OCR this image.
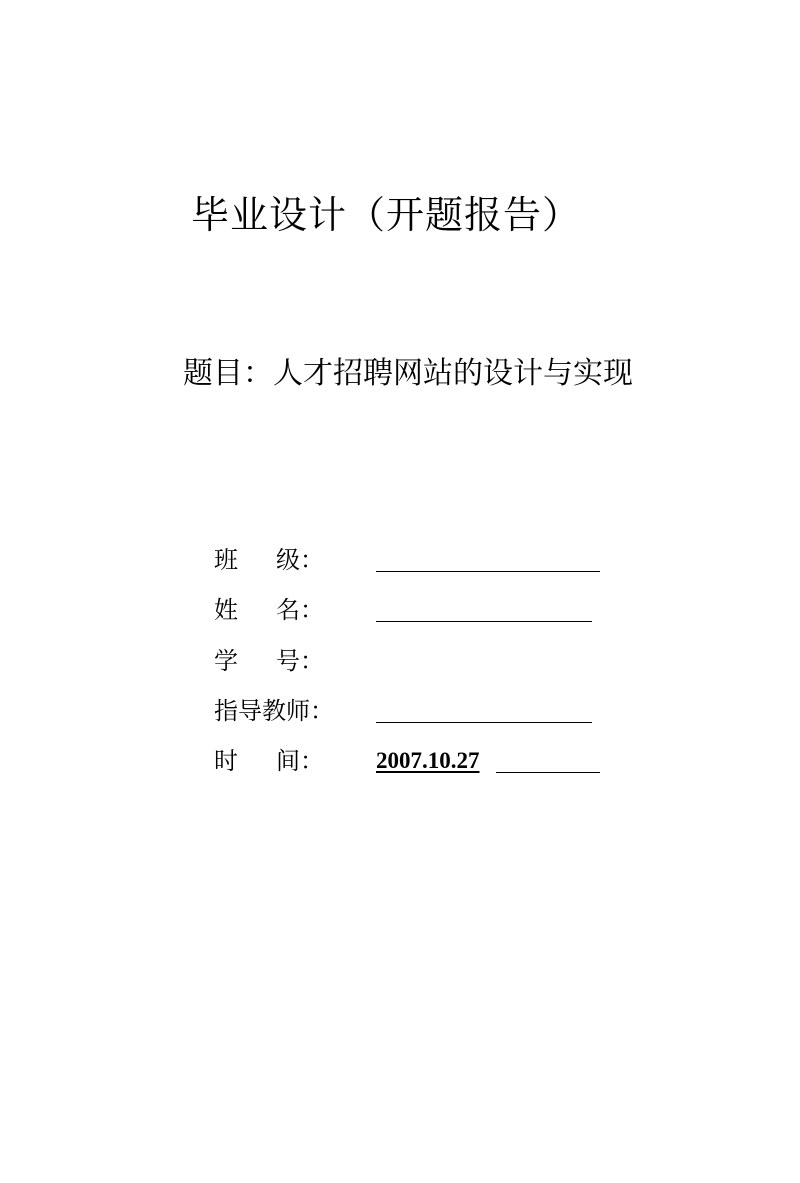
毕业设计（开题报告）
题目：人才招聘网站的设计与实现
班 级：
姓 名：
学 号：
指导教师：
时 间： 2007.10.27
